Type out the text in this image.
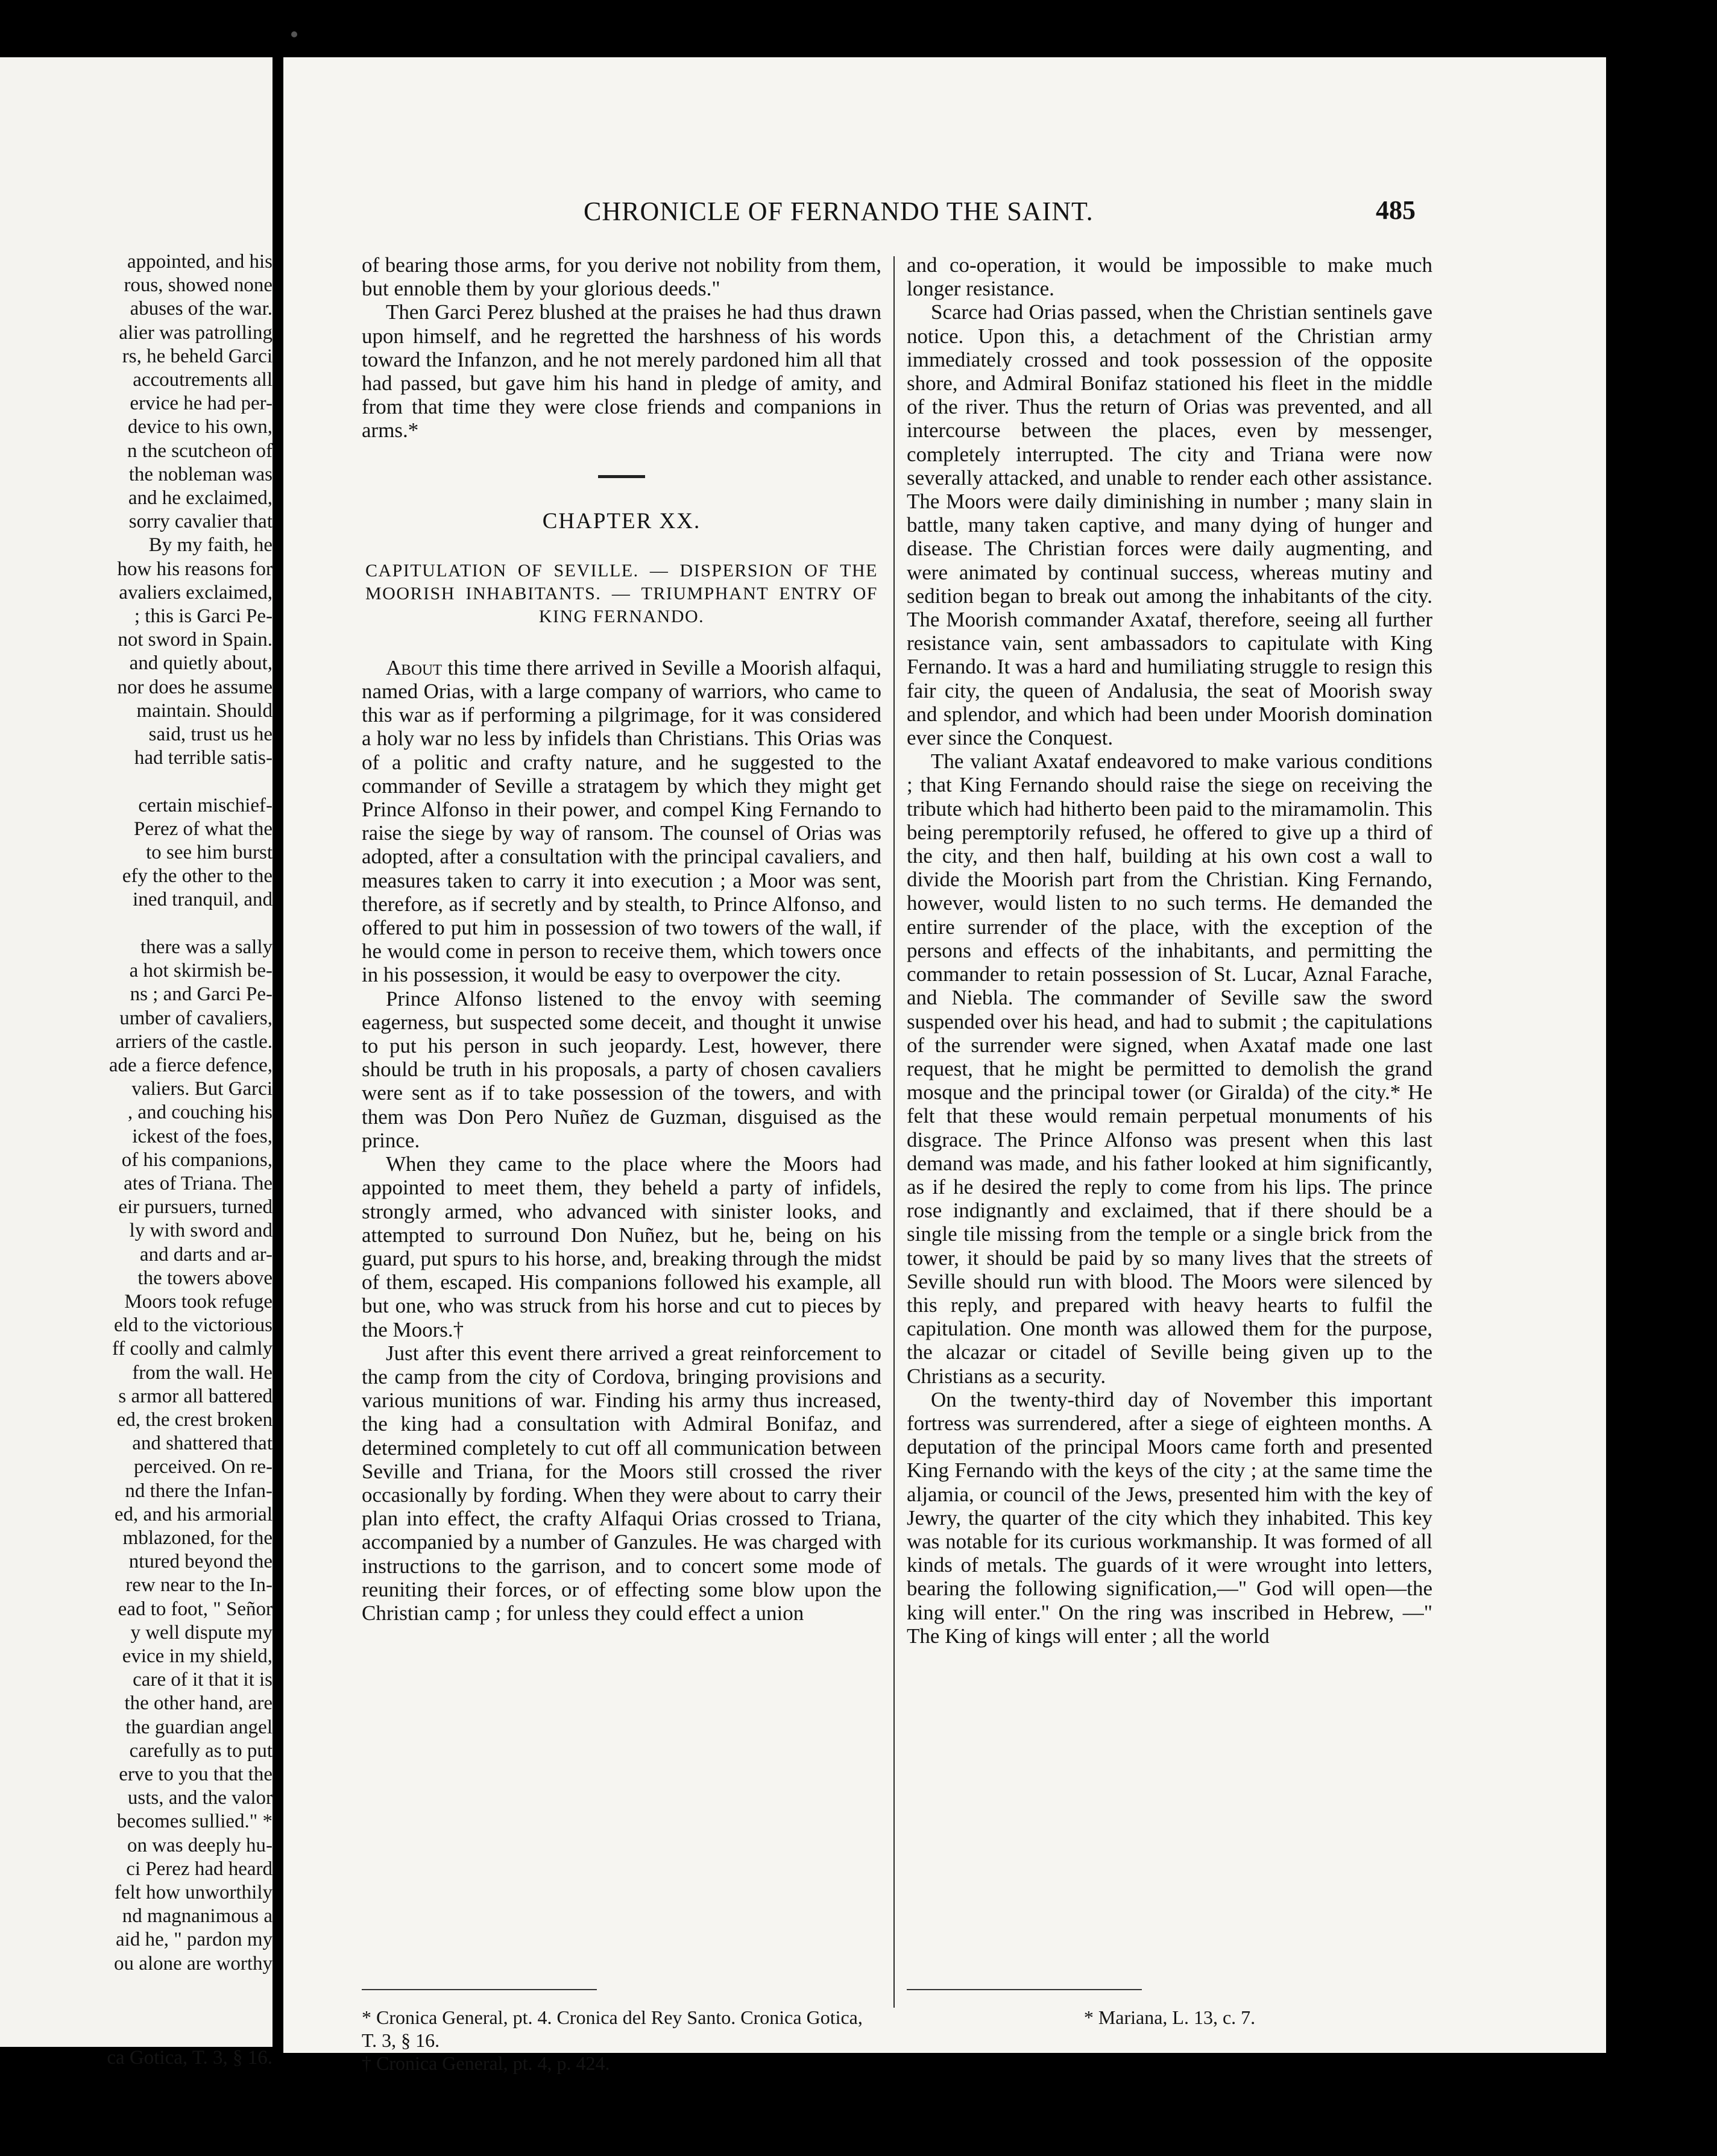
appointed, and his
rous, showed none
abuses of the war.
alier was patrolling
rs, he beheld Garci
accoutrements all
ervice he had per-
device to his own,
n the scutcheon of
the nobleman was
and he exclaimed,
sorry cavalier that
By my faith, he
how his reasons for
avaliers exclaimed,
; this is Garci Pe-
not sword in Spain.
and quietly about,
nor does he assume
maintain. Should
said, trust us he
had terrible satis-

certain mischief-
Perez of what the
to see him burst
efy the other to the
ined tranquil, and

there was a sally
a hot skirmish be-
ns ; and Garci Pe-
umber of cavaliers,
arriers of the castle.
ade a fierce defence,
valiers. But Garci
, and couching his
ickest of the foes,
of his companions,
ates of Triana. The
eir pursuers, turned
ly with sword and
and darts and ar-
the towers above
Moors took refuge
eld to the victorious
ff coolly and calmly
from the wall. He
s armor all battered
ed, the crest broken
and shattered that
perceived. On re-
nd there the Infan-
ed, and his armorial
mblazoned, for the
ntured beyond the
rew near to the In-
ead to foot, " Señor
y well dispute my
evice in my shield,
care of it that it is
the other hand, are
the guardian angel
carefully as to put
erve to you that the
usts, and the valor
becomes sullied." *
on was deeply hu-
ci Perez had heard
felt how unworthily
nd magnanimous a
aid he, " pardon my
ou alone are worthy
ca Gotica, T. 3, § 16.
CHRONICLE OF FERNANDO THE SAINT.	485

of bearing those arms, for you derive not nobility from them, but ennoble them by your glorious deeds."

Then Garci Perez blushed at the praises he had thus drawn upon himself, and he regretted the harshness of his words toward the Infanzon, and he not merely pardoned him all that had passed, but gave him his hand in pledge of amity, and from that time they were close friends and companions in arms.*

CHAPTER XX.
CAPITULATION OF SEVILLE. — DISPERSION OF THE MOORISH INHABITANTS. — TRIUMPHANT ENTRY OF KING FERNANDO.

About this time there arrived in Seville a Moorish alfaqui, named Orias, with a large company of warriors, who came to this war as if performing a pilgrimage, for it was considered a holy war no less by infidels than Christians. This Orias was of a politic and crafty nature, and he suggested to the commander of Seville a stratagem by which they might get Prince Alfonso in their power, and compel King Fernando to raise the siege by way of ransom. The counsel of Orias was adopted, after a consultation with the principal cavaliers, and measures taken to carry it into execution ; a Moor was sent, therefore, as if secretly and by stealth, to Prince Alfonso, and offered to put him in possession of two towers of the wall, if he would come in person to receive them, which towers once in his possession, it would be easy to overpower the city.

Prince Alfonso listened to the envoy with seeming eagerness, but suspected some deceit, and thought it unwise to put his person in such jeopardy. Lest, however, there should be truth in his proposals, a party of chosen cavaliers were sent as if to take possession of the towers, and with them was Don Pero Nuñez de Guzman, disguised as the prince.

When they came to the place where the Moors had appointed to meet them, they beheld a party of infidels, strongly armed, who advanced with sinister looks, and attempted to surround Don Nuñez, but he, being on his guard, put spurs to his horse, and, breaking through the midst of them, escaped. His companions followed his example, all but one, who was struck from his horse and cut to pieces by the Moors.†

Just after this event there arrived a great reinforcement to the camp from the city of Cordova, bringing provisions and various munitions of war. Finding his army thus increased, the king had a consultation with Admiral Bonifaz, and determined completely to cut off all communication between Seville and Triana, for the Moors still crossed the river occasionally by fording. When they were about to carry their plan into effect, the crafty Alfaqui Orias crossed to Triana, accompanied by a number of Ganzules. He was charged with instructions to the garrison, and to concert some mode of reuniting their forces, or of effecting some blow upon the Christian camp ; for unless they could effect a union

and co-operation, it would be impossible to make much longer resistance.

Scarce had Orias passed, when the Christian sentinels gave notice. Upon this, a detachment of the Christian army immediately crossed and took possession of the opposite shore, and Admiral Bonifaz stationed his fleet in the middle of the river. Thus the return of Orias was prevented, and all intercourse between the places, even by messenger, completely interrupted. The city and Triana were now severally attacked, and unable to render each other assistance. The Moors were daily diminishing in number ; many slain in battle, many taken captive, and many dying of hunger and disease. The Christian forces were daily augmenting, and were animated by continual success, whereas mutiny and sedition began to break out among the inhabitants of the city. The Moorish commander Axataf, therefore, seeing all further resistance vain, sent ambassadors to capitulate with King Fernando. It was a hard and humiliating struggle to resign this fair city, the queen of Andalusia, the seat of Moorish sway and splendor, and which had been under Moorish domination ever since the Conquest.

The valiant Axataf endeavored to make various conditions ; that King Fernando should raise the siege on receiving the tribute which had hitherto been paid to the miramamolin. This being peremptorily refused, he offered to give up a third of the city, and then half, building at his own cost a wall to divide the Moorish part from the Christian. King Fernando, however, would listen to no such terms. He demanded the entire surrender of the place, with the exception of the persons and effects of the inhabitants, and permitting the commander to retain possession of St. Lucar, Aznal Farache, and Niebla. The commander of Seville saw the sword suspended over his head, and had to submit ; the capitulations of the surrender were signed, when Axataf made one last request, that he might be permitted to demolish the grand mosque and the principal tower (or Giralda) of the city.* He felt that these would remain perpetual monuments of his disgrace. The Prince Alfonso was present when this last demand was made, and his father looked at him significantly, as if he desired the reply to come from his lips. The prince rose indignantly and exclaimed, that if there should be a single tile missing from the temple or a single brick from the tower, it should be paid by so many lives that the streets of Seville should run with blood. The Moors were silenced by this reply, and prepared with heavy hearts to fulfil the capitulation. One month was allowed them for the purpose, the alcazar or citadel of Seville being given up to the Christians as a security.

On the twenty-third day of November this important fortress was surrendered, after a siege of eighteen months. A deputation of the principal Moors came forth and presented King Fernando with the keys of the city ; at the same time the aljamia, or council of the Jews, presented him with the key of Jewry, the quarter of the city which they inhabited. This key was notable for its curious workmanship. It was formed of all kinds of metals. The guards of it were wrought into letters, bearing the following signification,—" God will open—the king will enter." On the ring was inscribed in Hebrew, —" The King of kings will enter ; all the world

* Cronica General, pt. 4. Cronica del Rey Santo. Cronica Gotica, T. 3, § 16.
† Cronica General, pt. 4, p. 424.
* Mariana, L. 13, c. 7.
